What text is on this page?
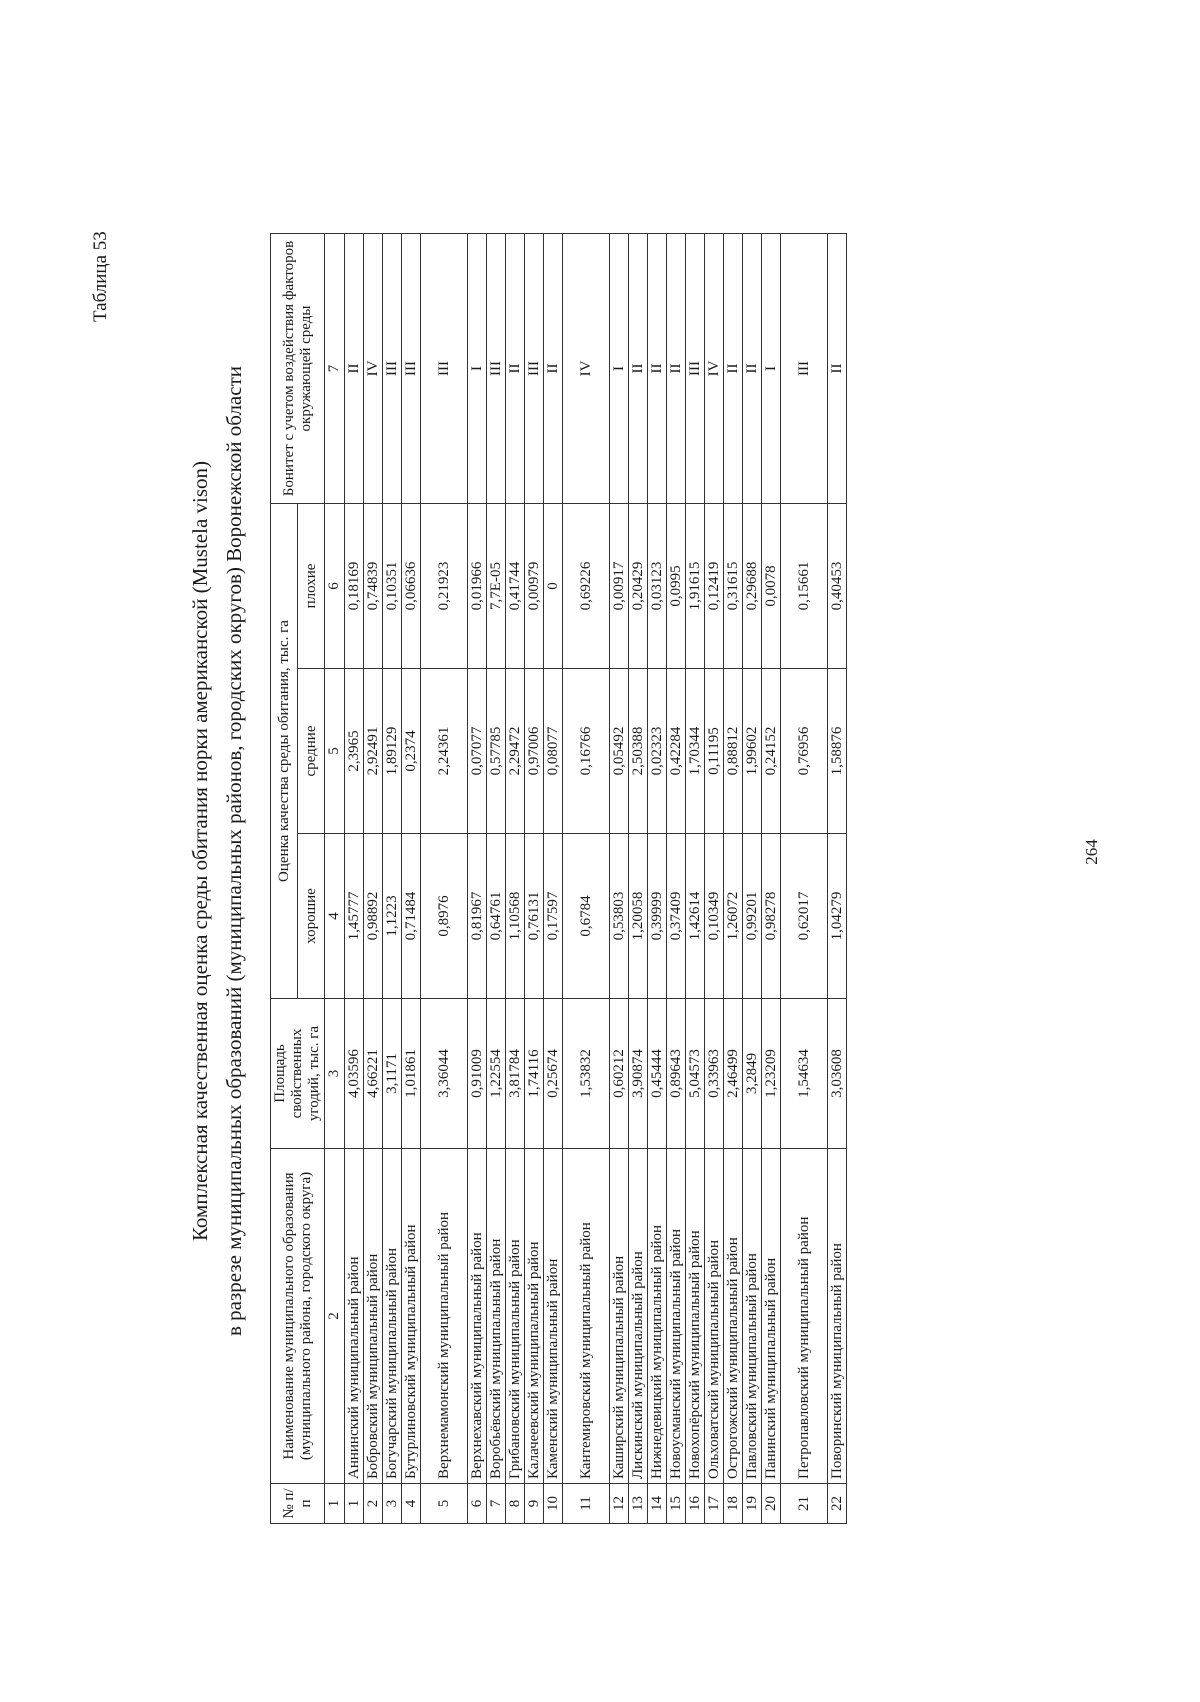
264
Таблица 53
Комплексная качественная оценка среды обитания норки американской (Mustela vison) в разрезе муниципальных образований (муниципальных районов, городских округов) Воронежской области
№ п/п	Наименование муниципального образования (муниципального района, городского округа)	Площадь свойственных угодий, тыс. га	Оценка качества среды обитания, тыс. га			Бонитет с учетом воздействия факторов окружающей среды
			хорошие	средние	плохие	
1	2	3	4	5	6	7
1	Аннинский муниципальный район	4,03596	1,45777	2,3965	0,18169	II
2	Бобровский муниципальный район	4,66221	0,98892	2,92491	0,74839	IV
3	Богучарский муниципальный район	3,1171	1,1223	1,89129	0,10351	III
4	Бутурлиновский муниципальный район	1,01861	0,71484	0,2374	0,06636	III
5	Верхнемамонский муниципальный район	3,36044	0,8976	2,24361	0,21923	III
6	Верхнехавский муниципальный район	0,91009	0,81967	0,07077	0,01966	I
7	Воробьёвский муниципальный район	1,22554	0,64761	0,57785	7,7E-05	III
8	Грибановский муниципальный район	3,81784	1,10568	2,29472	0,41744	II
9	Калачеевский муниципальный район	1,74116	0,76131	0,97006	0,00979	III
10	Каменский муниципальный район	0,25674	0,17597	0,08077	0	II
11	Кантемировский муниципальный район	1,53832	0,6784	0,16766	0,69226	IV
12	Каширский муниципальный район	0,60212	0,53803	0,05492	0,00917	I
13	Лискинский муниципальный район	3,90874	1,20058	2,50388	0,20429	II
14	Нижнедевицкий муниципальный район	0,45444	0,39999	0,02323	0,03123	II
15	Новоусманский муниципальный район	0,89643	0,37409	0,42284	0,0995	II
16	Новохопёрский муниципальный район	5,04573	1,42614	1,70344	1,91615	III
17	Ольховатский муниципальный район	0,33963	0,10349	0,11195	0,12419	IV
18	Острогожский муниципальный район	2,46499	1,26072	0,88812	0,31615	II
19	Павловский муниципальный район	3,2849	0,99201	1,99602	0,29688	II
20	Панинский муниципальный район	1,23209	0,98278	0,24152	0,0078	I
21	Петропавловский муниципальный район	1,54634	0,62017	0,76956	0,15661	III
22	Поворинский муниципальный район	3,03608	1,04279	1,58876	0,40453	II
